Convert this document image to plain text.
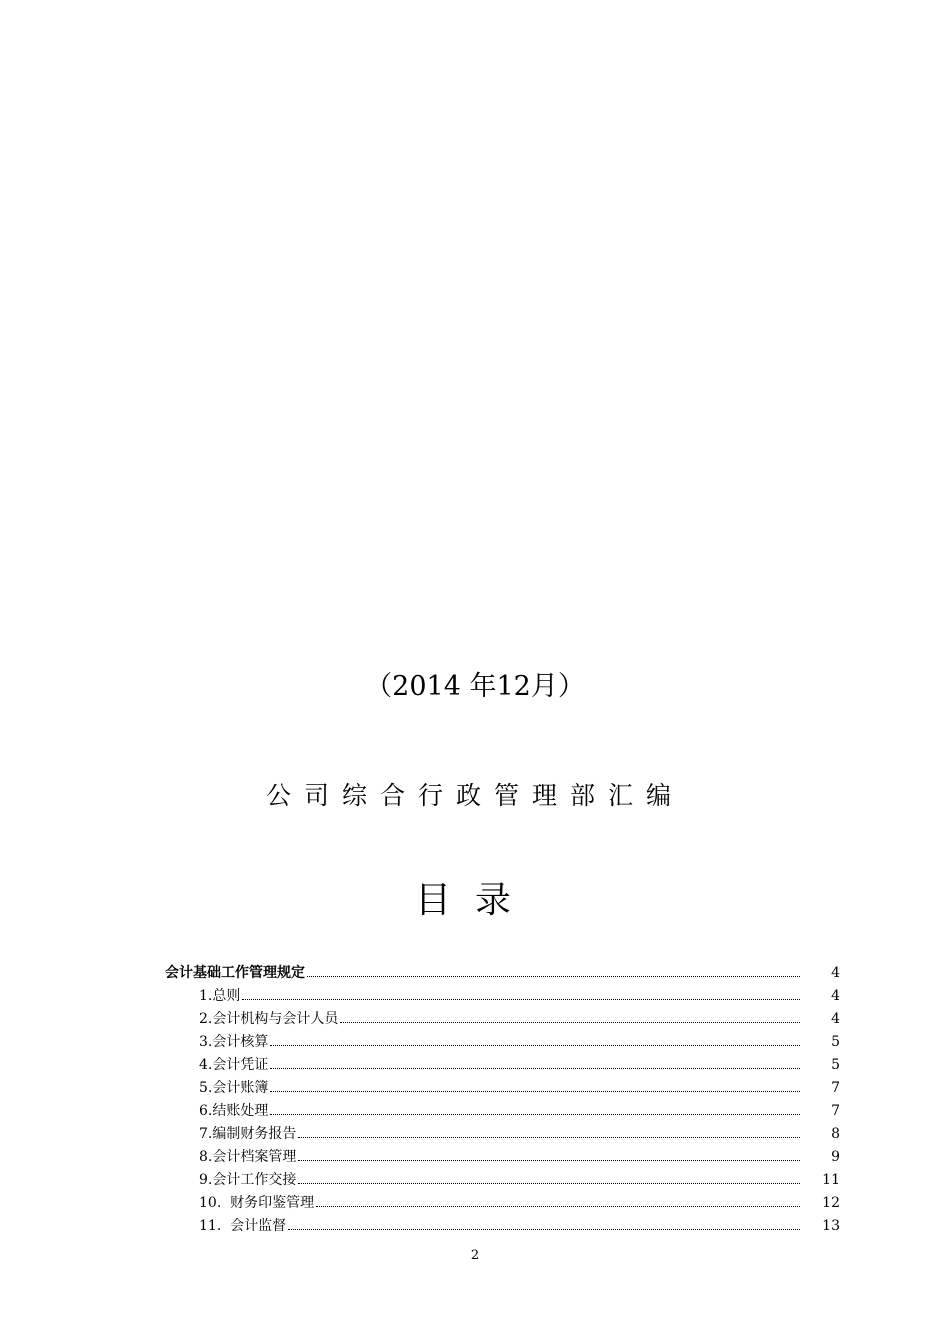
（2014 年12月）
公司综合行政管理部汇编
目录
会计基础工作管理规定	4
1.总则	4
2.会计机构与会计人员	4
3.会计核算	5
4.会计凭证	5
5.会计账簿	7
6.结账处理	7
7.编制财务报告	8
8.会计档案管理	9
9.会计工作交接	11
10.  财务印鉴管理	12
11.  会计监督	13
2
